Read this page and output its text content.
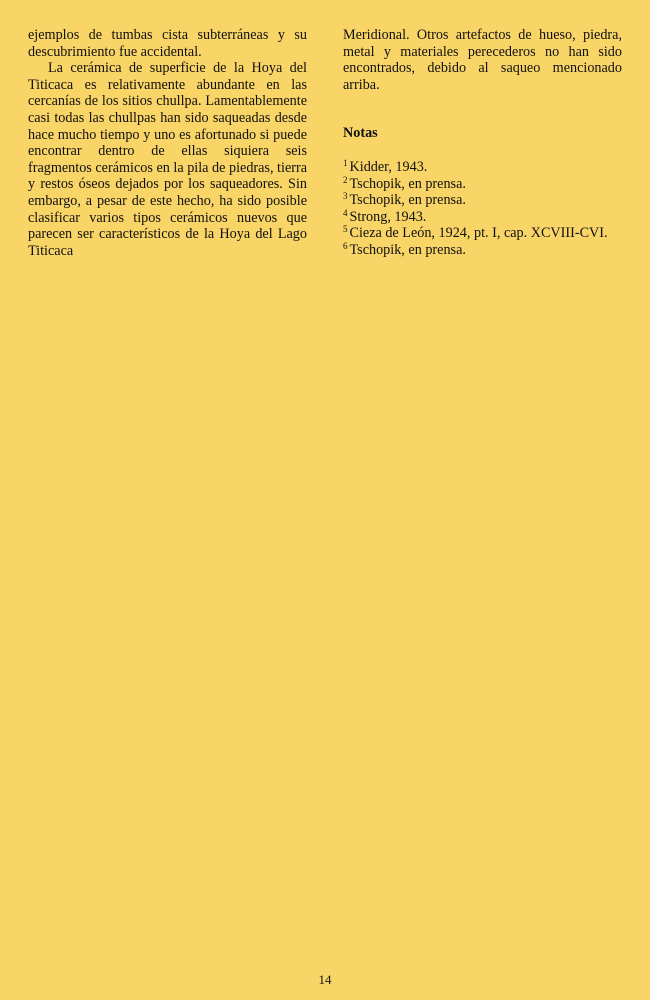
ejemplos de tumbas cista subterráneas y su descubrimiento fue accidental.

La cerámica de superficie de la Hoya del Titicaca es relativamente abundante en las cercanías de los sitios chullpa. Lamentablemente casi todas las chullpas han sido saqueadas desde hace mucho tiempo y uno es afortunado si puede encontrar dentro de ellas siquiera seis fragmentos cerámicos en la pila de piedras, tierra y restos óseos dejados por los saqueadores. Sin embargo, a pesar de este hecho, ha sido posible clasificar varios tipos cerámicos nuevos que parecen ser característicos de la Hoya del Lago Titicaca

Meridional. Otros artefactos de hueso, piedra, metal y materiales perecederos no han sido encontrados, debido al saqueo mencionado arriba.

Notas
$^1$ Kidder, 1943.
$^2$ Tschopik, en prensa.
$^3$ Tschopik, en prensa.
$^4$ Strong, 1943.
$^5$ Cieza de León, 1924, pt. I, cap. XCVIII-CVI.
$^6$ Tschopik, en prensa.
14
